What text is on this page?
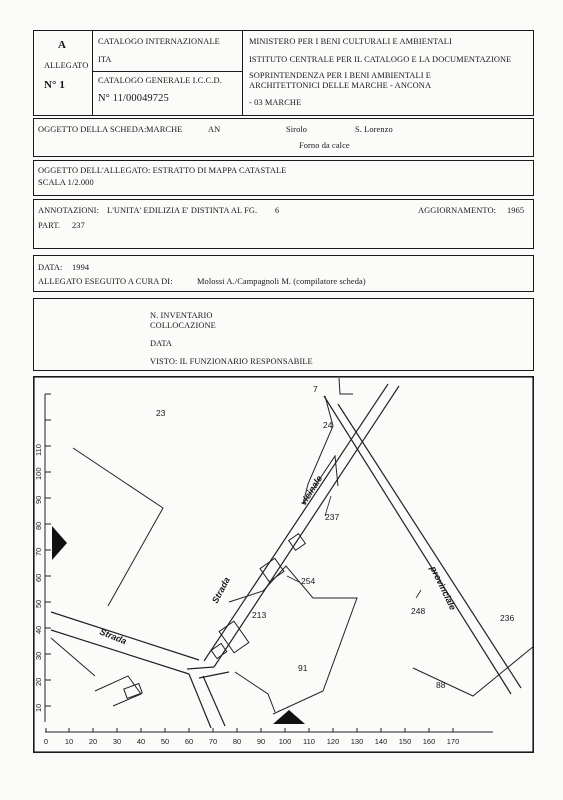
A
ALLEGATO
N° 1
CATALOGO INTERNAZIONALE
ITA
CATALOGO GENERALE I.C.C.D.
N° 11/00049725
MINISTERO PER I BENI CULTURALI E AMBIENTALI
ISTITUTO CENTRALE PER IL CATALOGO E LA DOCUMENTAZIONE
SOPRINTENDENZA PER I BENI AMBIENTALI E
ARCHITETTONICI DELLE MARCHE - ANCONA
- 03 MARCHE
OGGETTO DELLA SCHEDA: MARCHE	AN	Sirolo	S. Lorenzo
Forno da calce
OGGETTO DELL'ALLEGATO: ESTRATTO DI MAPPA CATASTALE
SCALA 1/2.000
ANNOTAZIONI: L'UNITA' EDILIZIA E' DISTINTA AL FG. 6	AGGIORNAMENTO: 1965
PART. 237
DATA: 1994
ALLEGATO ESEGUITO A CURA DI:	Molossi A./Campagnoli M. (compilatore scheda)
N. INVENTARIO
COLLOCAZIONE
DATA
VISTO: IL FUNZIONARIO RESPONSABILE
23
7
24
237
254
213	248
236
91
88
Strada
vicinale
Strada
provinciale
10
20
30
40
50
60
70
80
90
100
110
0 10 20 30 40 50 60 70 80 90 100 110 120 130 140 150 160 170
